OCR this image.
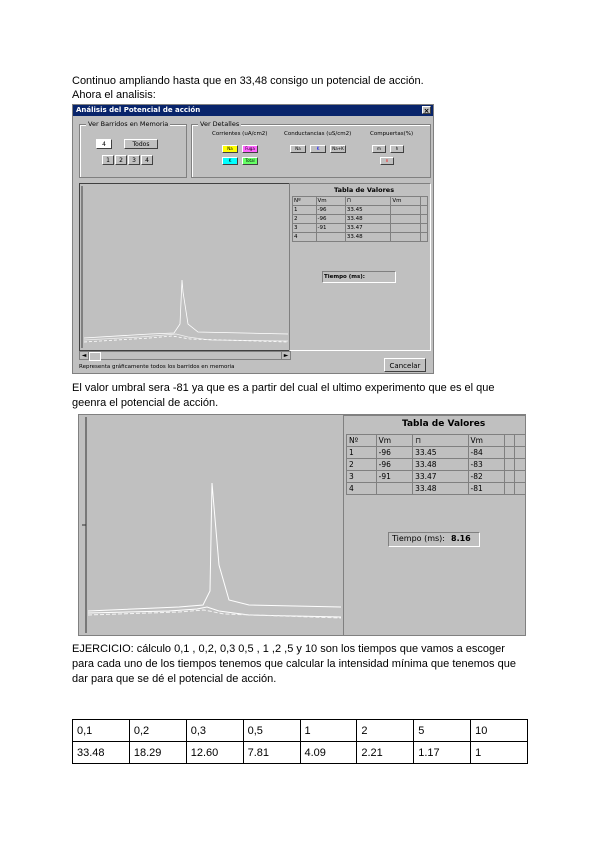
Continuo ampliando hasta que en 33,48 consigo un potencial de acción.

Ahora el analisis:

Análisis del Potencial de acción	×
Ver Barridos en Memoria
4	Todos
1	2	3	4
Ver Detalles
Corrientes (uA/cm2)	Conductancias (uS/cm2)	Compuertas(%)
Na	Fuga
K	Total
Na	K	Na+K	m	h
n
Tabla de Valores
Nº	Vm	⊓	Vm	
1	-96	33.45		
2	-96	33.48		
3	-91	33.47		
4		33.48		
Tiempo (ms):
Cancelar
◄	►
Representa gráficamente todos los barridos en memoria

El valor umbral sera -81 ya que es a partir del cual el ultimo experimento que es el que

geenra el potencial de acción.

Tabla de Valores
Nº	Vm	⊓	Vm		
1	-96	33.45	-84		
2	-96	33.48	-83		
3	-91	33.47	-82		
4		33.48	-81		
Tiempo (ms): 8.16

EJERCICIO: cálculo 0,1 , 0,2, 0,3 0,5 , 1 ,2 ,5 y 10 son los tiempos que vamos a escoger

para cada uno de los tiempos tenemos que calcular la intensidad mínima que tenemos que

dar para que se dé el potencial de acción.

0,1	0,2	0,3	0,5	1	2	5	10
33.48	18.29	12.60	7.81	4.09	2.21	1.17	1
